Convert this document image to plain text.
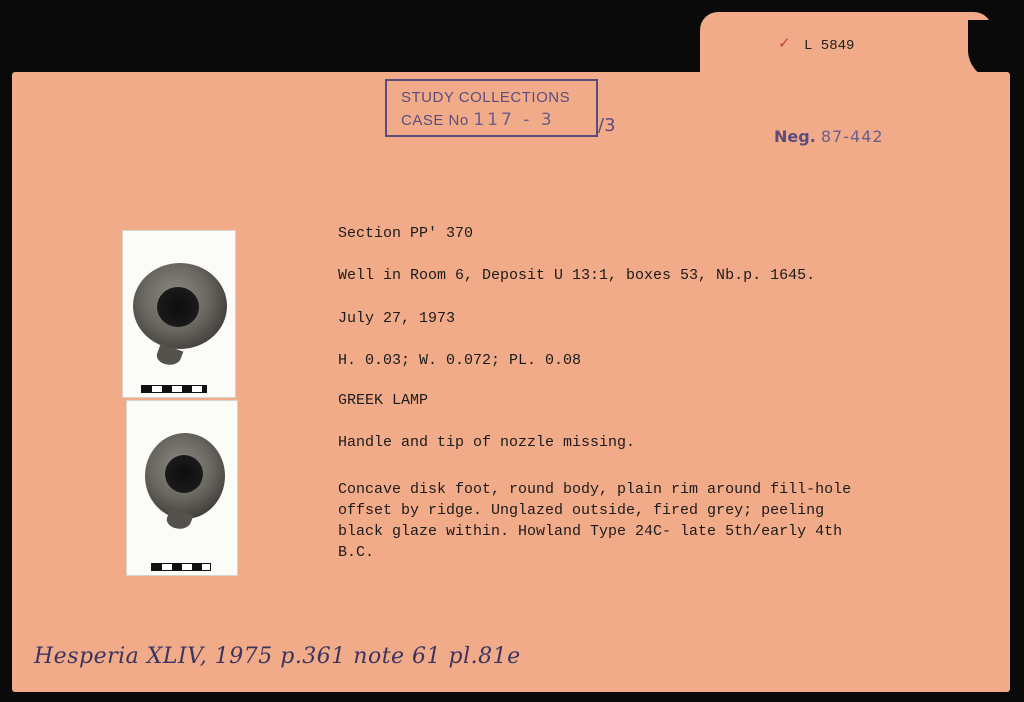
✓ L 5849
STUDY COLLECTIONS
CASE No 117 - 3	/3
Neg. 87-442
Section PP' 370
Well in Room 6, Deposit U 13:1, boxes 53, Nb.p. 1645.
July 27, 1973
H. 0.03; W. 0.072; PL. 0.08
GREEK LAMP
Handle and tip of nozzle missing.
Concave disk foot, round body, plain rim around fill-hole
offset by ridge. Unglazed outside, fired grey; peeling
black glaze within. Howland Type 24C- late 5th/early 4th
B.C.
Hesperia XLIV, 1975 p.361 note 61 pl.81e
